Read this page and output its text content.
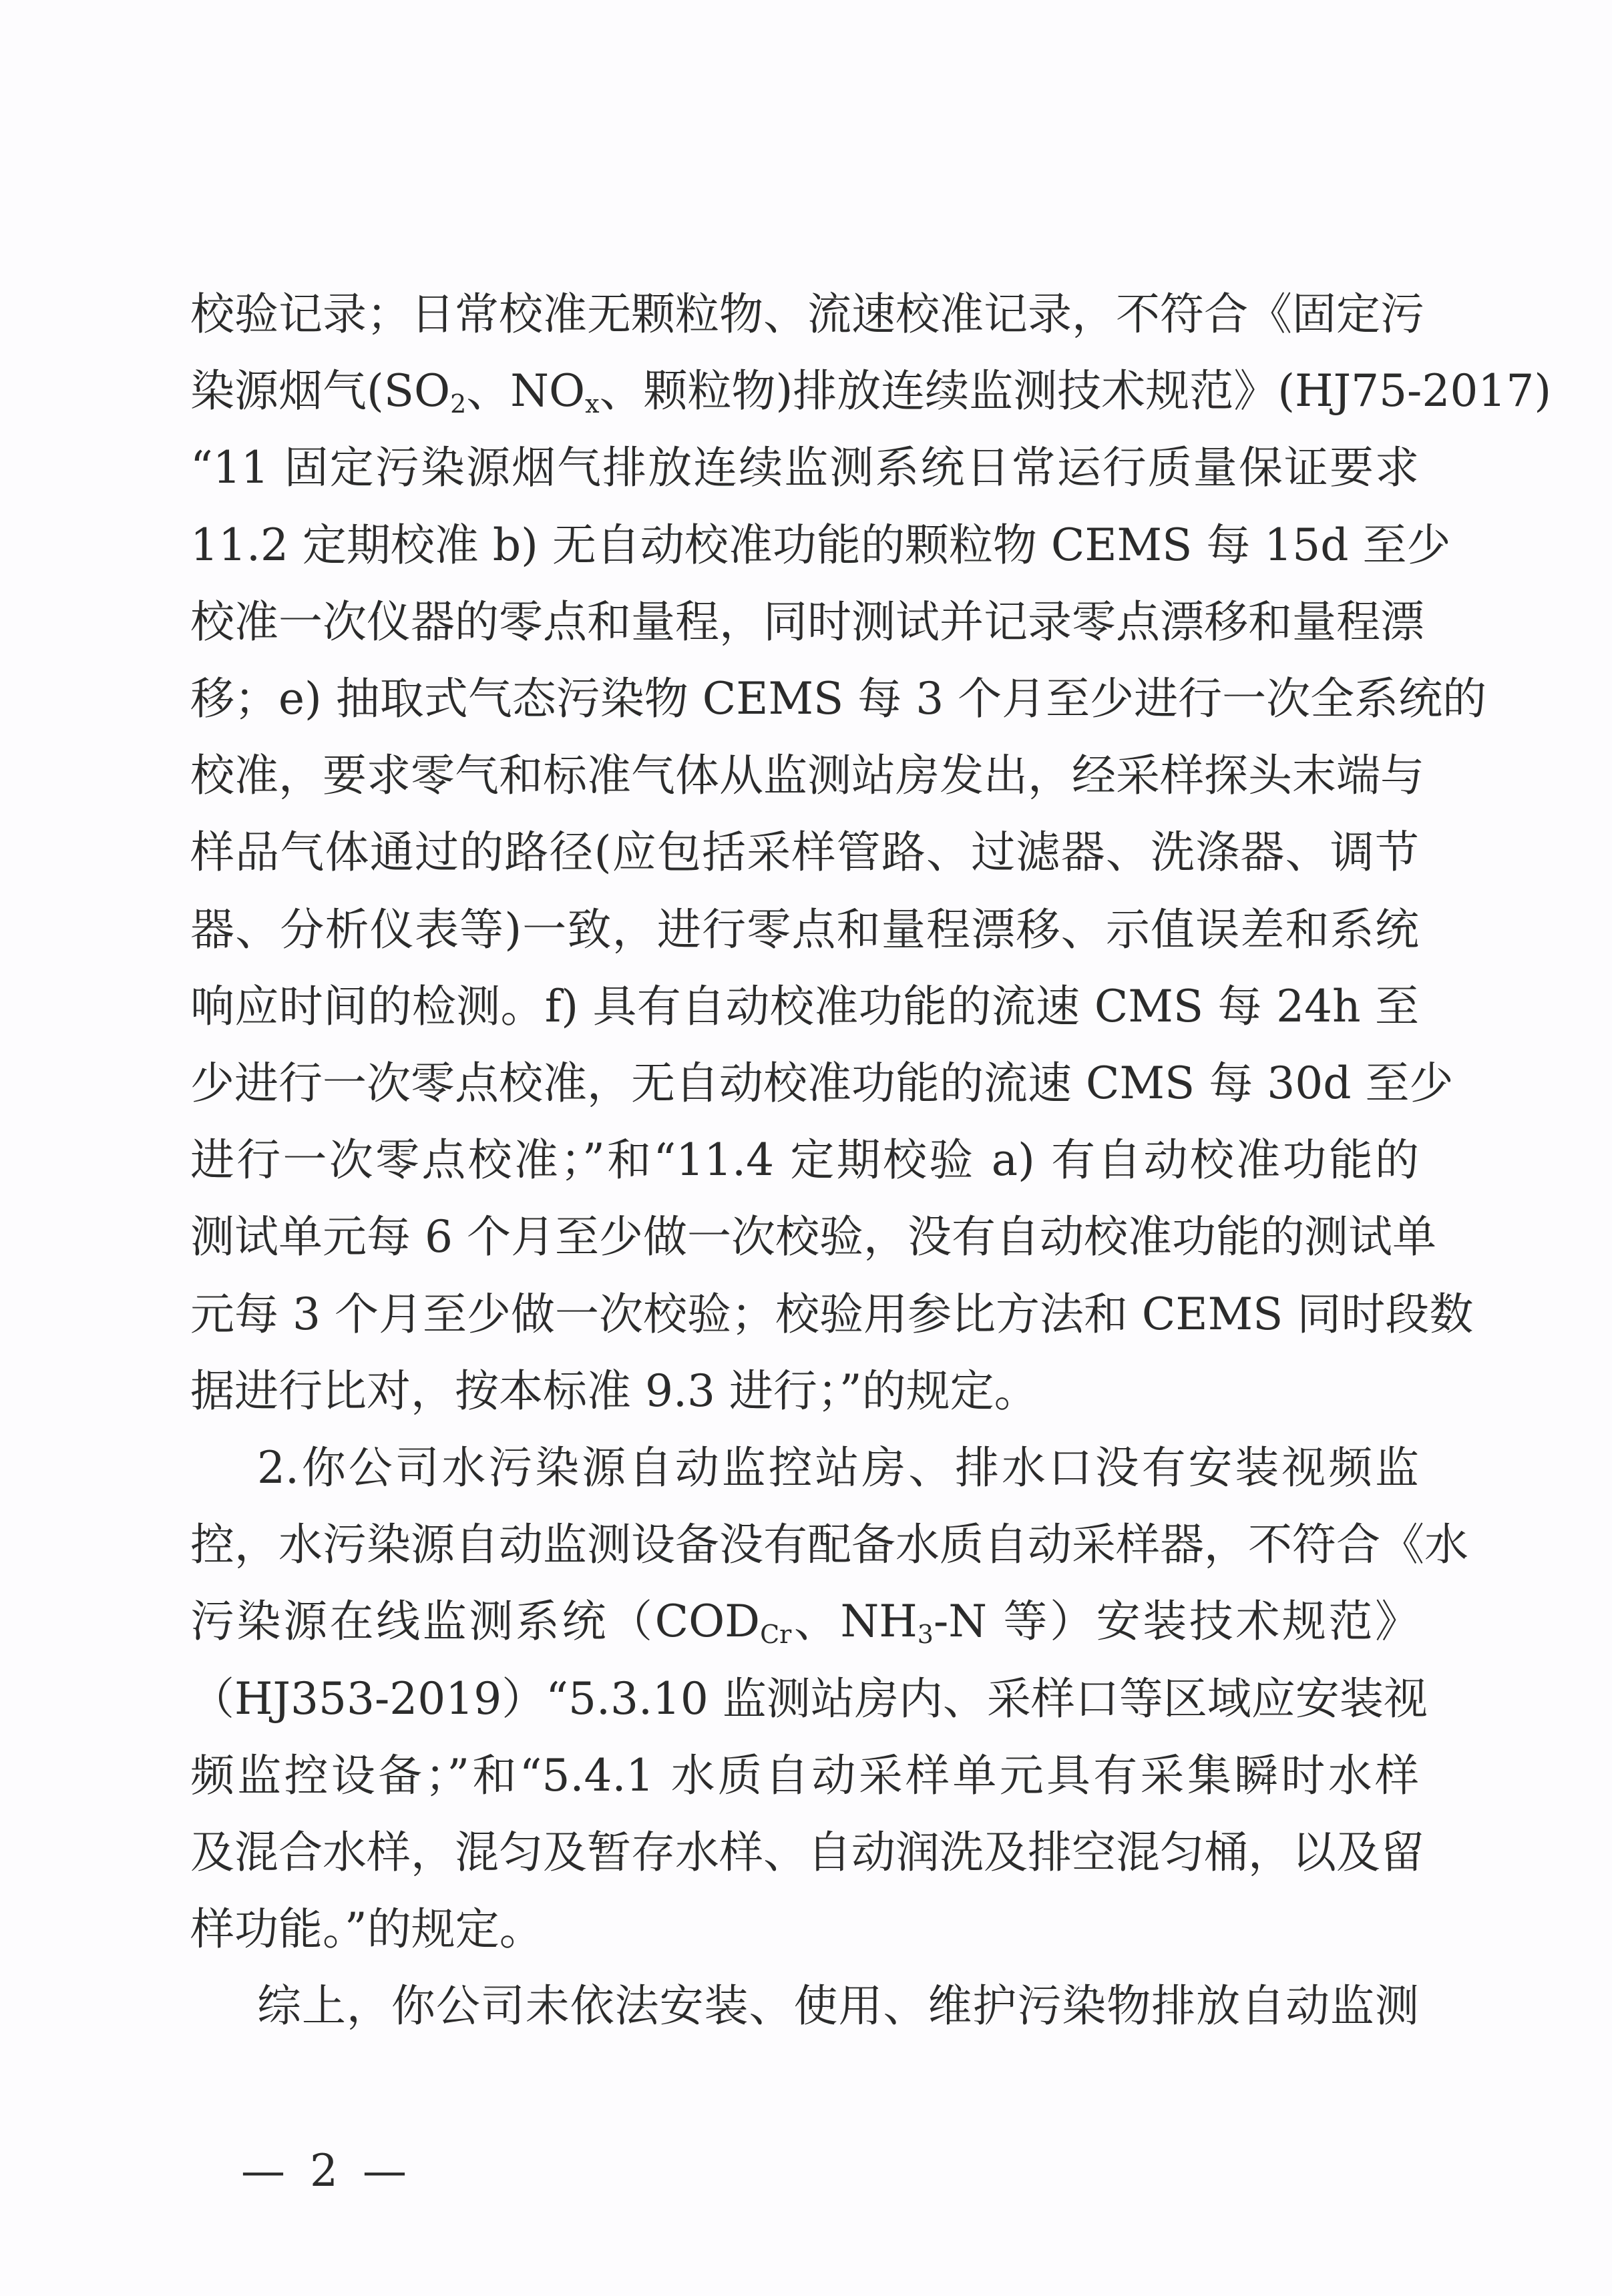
校验记录；日常校准无颗粒物、流速校准记录，不符合《固定污
染源烟气($SO_2$、$NO_x$、颗粒物)排放连续监测技术规范》(HJ75-2017)
“11 固定污染源烟气排放连续监测系统日常运行质量保证要求
11.2 定期校准 b) 无自动校准功能的颗粒物 CEMS 每 15d 至少
校准一次仪器的零点和量程，同时测试并记录零点漂移和量程漂
移；e) 抽取式气态污染物 CEMS 每 3 个月至少进行一次全系统的
校准，要求零气和标准气体从监测站房发出，经采样探头末端与
样品气体通过的路径(应包括采样管路、过滤器、洗涤器、调节
器、分析仪表等)一致，进行零点和量程漂移、示值误差和系统
响应时间的检测。f) 具有自动校准功能的流速 CMS 每 24h 至
少进行一次零点校准，无自动校准功能的流速 CMS 每 30d 至少
进行一次零点校准；”和“11.4 定期校验 a) 有自动校准功能的
测试单元每 6 个月至少做一次校验，没有自动校准功能的测试单
元每 3 个月至少做一次校验；校验用参比方法和 CEMS 同时段数
据进行比对，按本标准 9.3 进行；”的规定。
2.你公司水污染源自动监控站房、排水口没有安装视频监
控，水污染源自动监测设备没有配备水质自动采样器，不符合《水
污染源在线监测系统（$COD_{Cr}$、$NH_3-N$ 等）安装技术规范》
（HJ353-2019）“5.3.10 监测站房内、采样口等区域应安装视
频监控设备；”和“5.4.1 水质自动采样单元具有采集瞬时水样
及混合水样，混匀及暂存水样、自动润洗及排空混匀桶，以及留
样功能。”的规定。
综上，你公司未依法安装、使用、维护污染物排放自动监测
— 2 —
